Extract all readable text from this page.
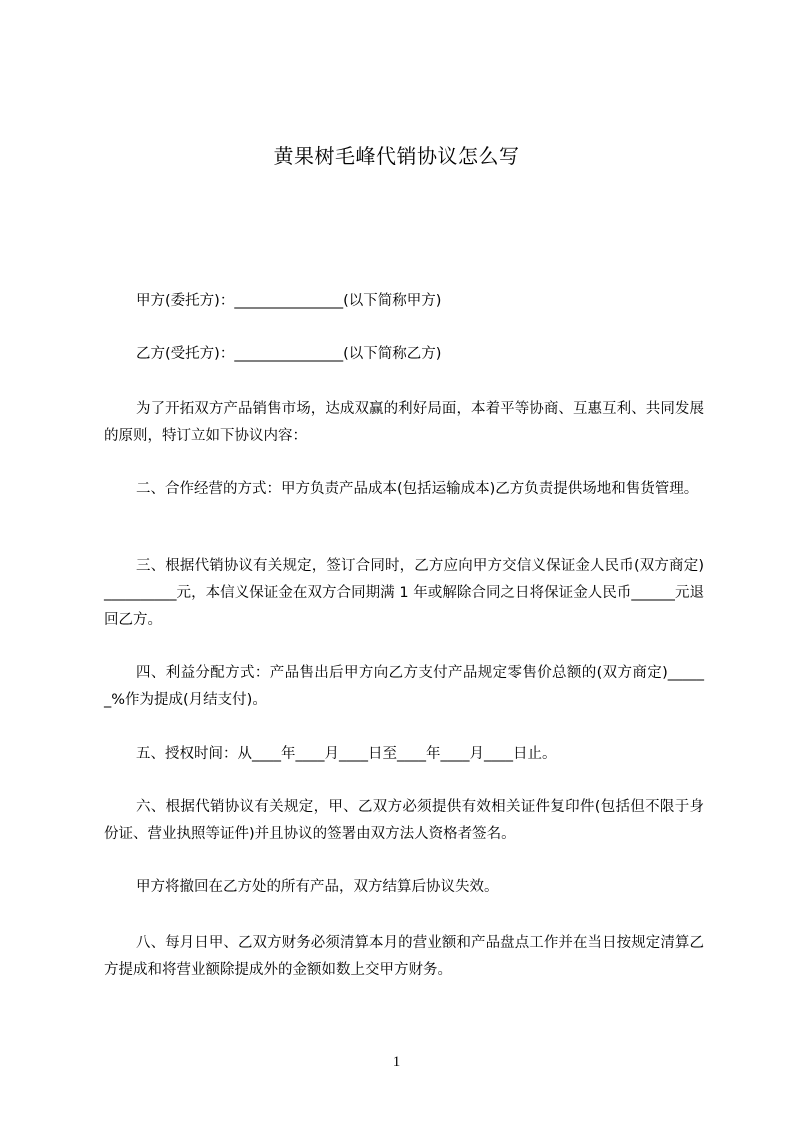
黄果树毛峰代销协议怎么写
甲方(委托方)：_______________(以下简称甲方)
乙方(受托方)：_______________(以下简称乙方)
为了开拓双方产品销售市场，达成双赢的利好局面，本着平等协商、互惠互利、共同发展的原则，特订立如下协议内容：
二、合作经营的方式：甲方负责产品成本(包括运输成本)乙方负责提供场地和售货管理。
三、根据代销协议有关规定，签订合同时，乙方应向甲方交信义保证金人民币(双方商定)__________元，本信义保证金在双方合同期满 1 年或解除合同之日将保证金人民币______元退回乙方。
四、利益分配方式：产品售出后甲方向乙方支付产品规定零售价总额的(双方商定)______%作为提成(月结支付)。
五、授权时间：从____年____月____日至____年____月____日止。
六、根据代销协议有关规定，甲、乙双方必须提供有效相关证件复印件(包括但不限于身份证、营业执照等证件)并且协议的签署由双方法人资格者签名。
甲方将撤回在乙方处的所有产品，双方结算后协议失效。
八、每月日甲、乙双方财务必须清算本月的营业额和产品盘点工作并在当日按规定清算乙方提成和将营业额除提成外的金额如数上交甲方财务。
1
